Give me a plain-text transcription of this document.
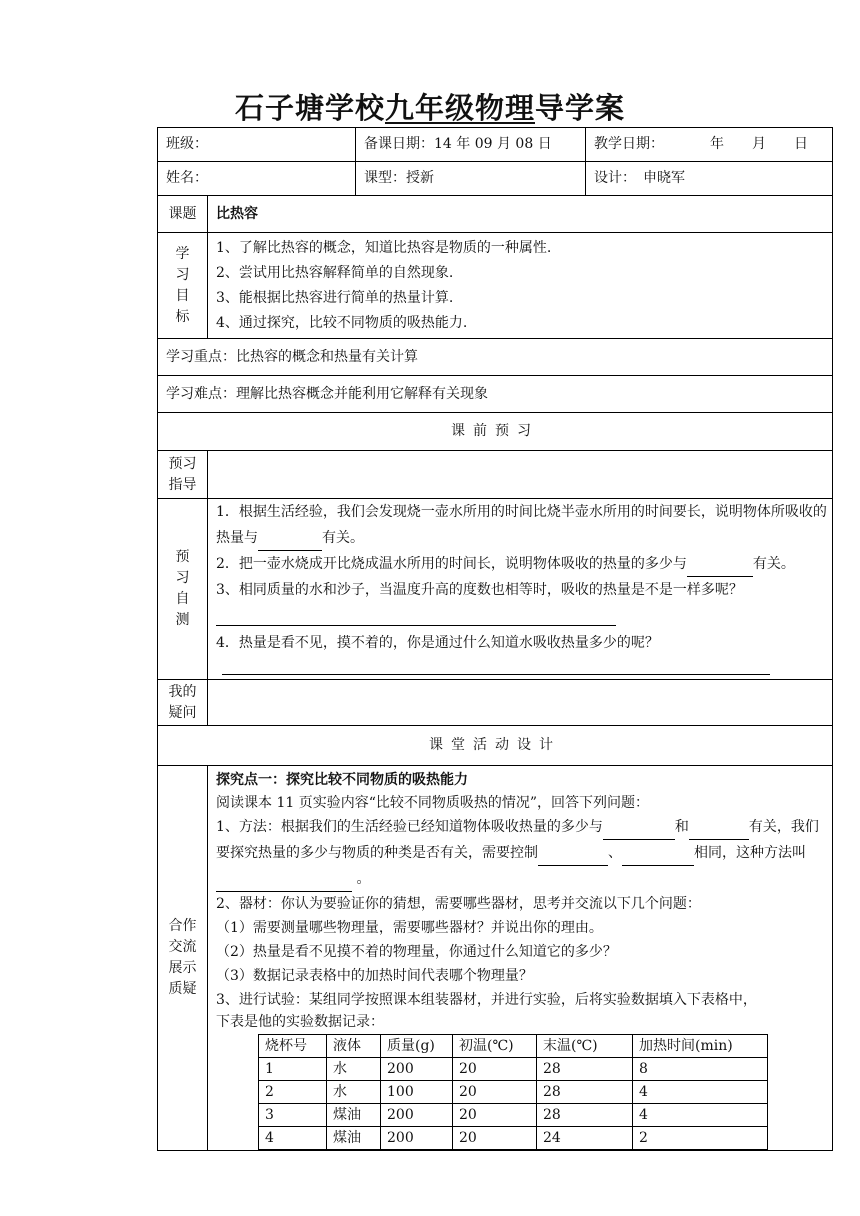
石子塘学校九年级物理导学案
班级：	备课日期：14 年 09 月 08 日	教学日期：	年　　月　　日
姓名：	课型：授新	设计：　申晓军
课题	比热容

学
习
目
标

1、了解比热容的概念，知道比热容是物质的一种属性.
2、尝试用比热容解释简单的自然现象.
3、能根据比热容进行简单的热量计算.
4、通过探究，比较不同物质的吸热能力.

学习重点：比热容的概念和热量有关计算
学习难点：理解比热容概念并能利用它解释有关现象
课前预习

预习
指导

预
习
自
测

1．根据生活经验，我们会发现烧一壶水所用的时间比烧半壶水所用的时间要长，说明物体所吸收的热量与	有关。

2．把一壶水烧成开比烧成温水所用的时间长，说明物体吸收的热量的多少与	有关。

3、相同质量的水和沙子，当温度升高的度数也相等时，吸收的热量是不是一样多呢？

4．热量是看不见，摸不着的，你是通过什么知道水吸收热量多少的呢？

我的
疑问

课堂活动设计

合作
交流
展示
质疑

探究点一：探究比较不同物质的吸热能力

阅读课本 11 页实验内容“比较不同物质吸热的情况”，回答下列问题：

1、方法：根据我们的生活经验已经知道物体吸收热量的多少与	和	有关，我们要探究热量的多少与物质的种类是否有关，需要控制	、	相同，这种方法叫  。

2、器材：你认为要验证你的猜想，需要哪些器材，思考并交流以下几个问题：

（1）需要测量哪些物理量，需要哪些器材？并说出你的理由。

（2）热量是看不见摸不着的物理量，你通过什么知道它的多少？

（3）数据记录表格中的加热时间代表哪个物理量？

3、进行试验：某组同学按照课本组装器材，并进行实验，后将实验数据填入下表格中，

下表是他的实验数据记录：

烧杯号	液体	质量(g)	初温(℃)	末温(℃)	加热时间(min)
1	水	200	20	28	8
2	水	100	20	28	4
3	煤油	200	20	28	4
4	煤油	200	20	24	2
